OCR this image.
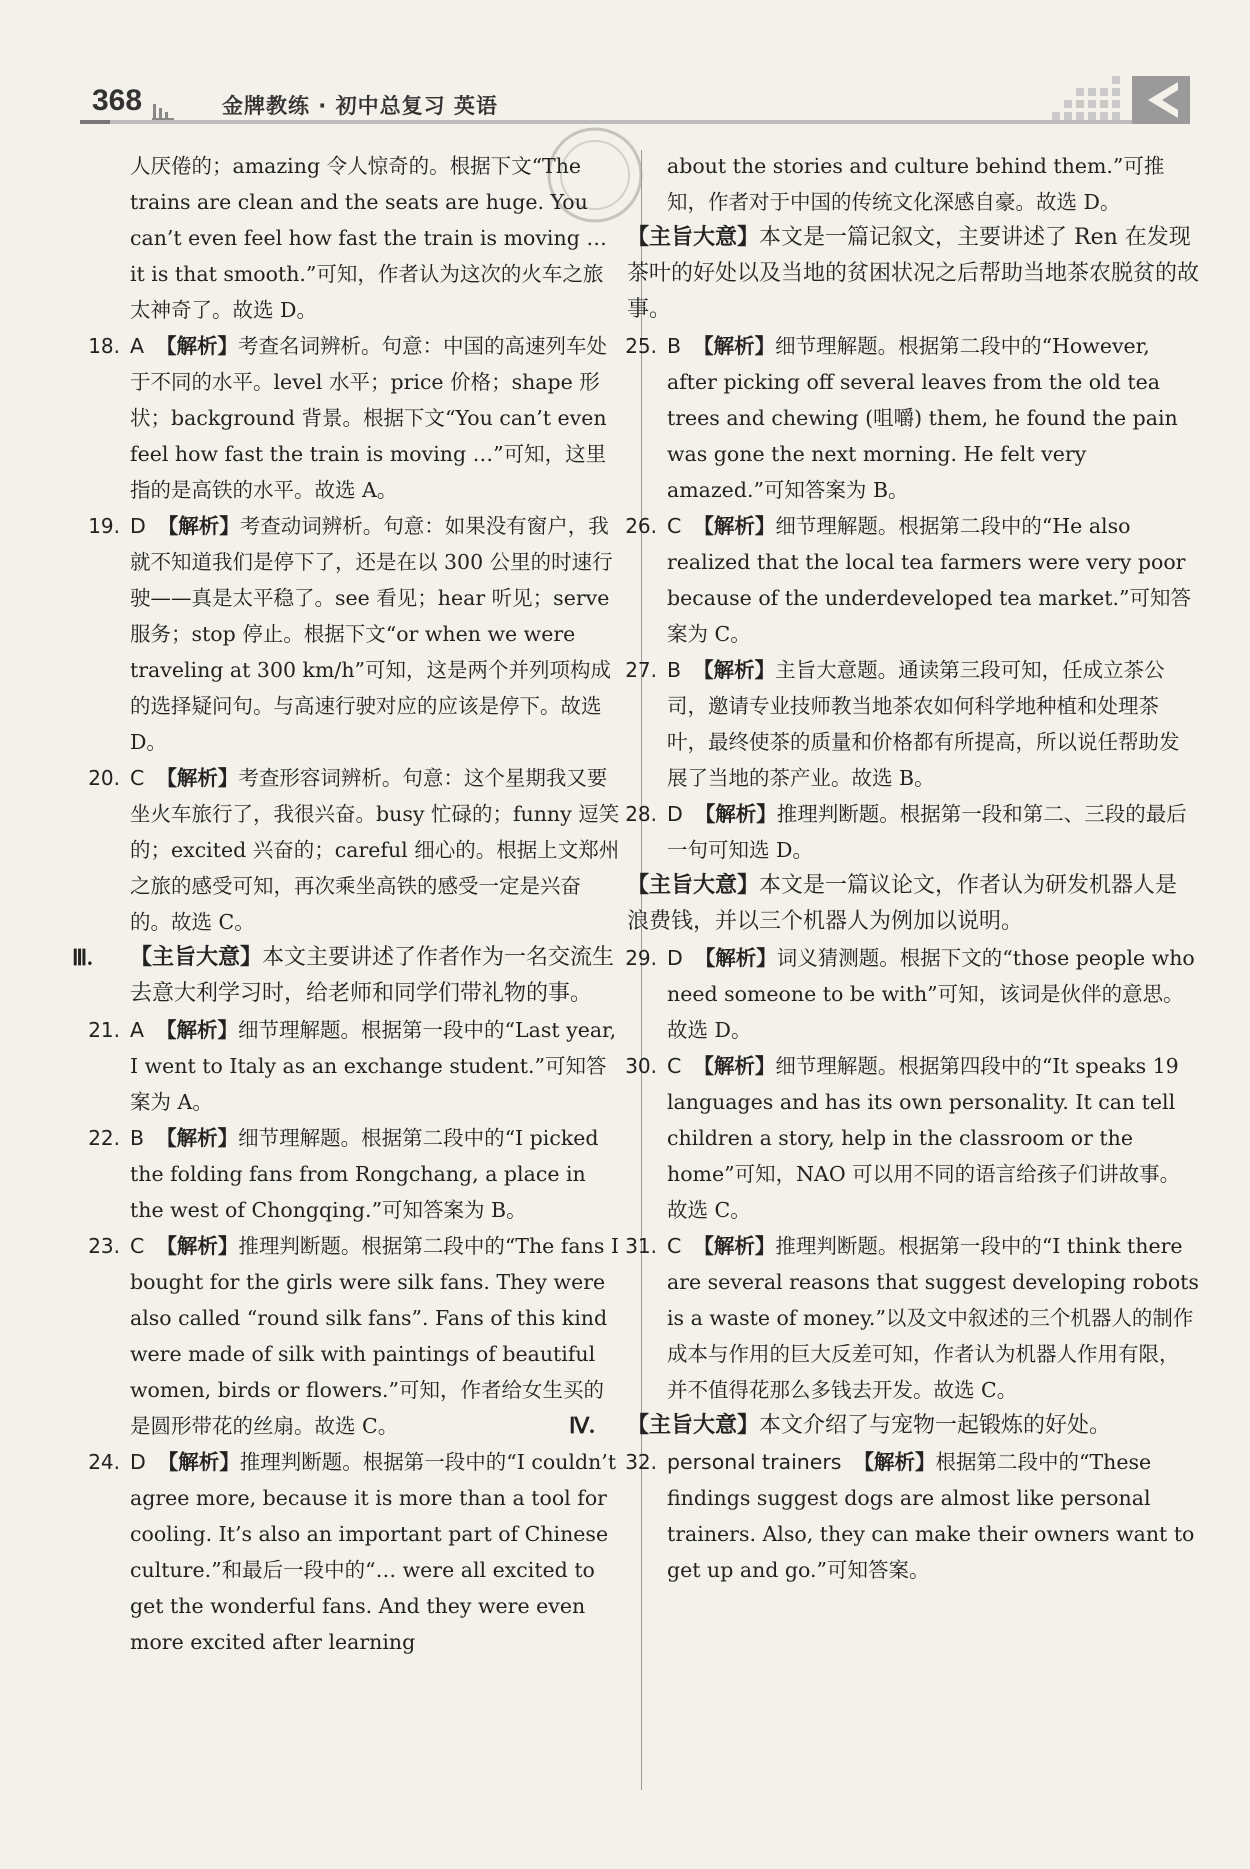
368	金牌教练 · 初中总复习 英语
人厌倦的；amazing 令人惊奇的。根据下文“The trains are clean and the seats are huge. You can’t even feel how fast the train is moving … it is that smooth.”可知，作者认为这次的火车之旅太神奇了。故选 D。
18. A 【解析】考查名词辨析。句意：中国的高速列车处于不同的水平。level 水平；price 价格；shape 形状；background 背景。根据下文“You can’t even feel how fast the train is moving …”可知，这里指的是高铁的水平。故选 A。
19. D 【解析】考查动词辨析。句意：如果没有窗户，我就不知道我们是停下了，还是在以 300 公里的时速行驶——真是太平稳了。see 看见；hear 听见；serve 服务；stop 停止。根据下文“or when we were traveling at 300 km/h”可知，这是两个并列项构成的选择疑问句。与高速行驶对应的应该是停下。故选 D。
20. C 【解析】考查形容词辨析。句意：这个星期我又要坐火车旅行了，我很兴奋。busy 忙碌的；funny 逗笑的；excited 兴奋的；careful 细心的。根据上文郑州之旅的感受可知，再次乘坐高铁的感受一定是兴奋的。故选 C。
Ⅲ. 【主旨大意】本文主要讲述了作者作为一名交流生去意大利学习时，给老师和同学们带礼物的事。
21. A 【解析】细节理解题。根据第一段中的“Last year, I went to Italy as an exchange student.”可知答案为 A。
22. B 【解析】细节理解题。根据第二段中的“I picked the folding fans from Rongchang, a place in the west of Chongqing.”可知答案为 B。
23. C 【解析】推理判断题。根据第二段中的“The fans I bought for the girls were silk fans. They were also called “round silk fans”. Fans of this kind were made of silk with paintings of beautiful women, birds or flowers.”可知，作者给女生买的是圆形带花的丝扇。故选 C。
24. D 【解析】推理判断题。根据第一段中的“I couldn’t agree more, because it is more than a tool for cooling. It’s also an important part of Chinese culture.”和最后一段中的“… were all excited to get the wonderful fans. And they were even more excited after learning
about the stories and culture behind them.”可推知，作者对于中国的传统文化深感自豪。故选 D。
【主旨大意】本文是一篇记叙文，主要讲述了 Ren 在发现茶叶的好处以及当地的贫困状况之后帮助当地茶农脱贫的故事。
25. B 【解析】细节理解题。根据第二段中的“However, after picking off several leaves from the old tea trees and chewing (咀嚼) them, he found the pain was gone the next morning. He felt very amazed.”可知答案为 B。
26. C 【解析】细节理解题。根据第二段中的“He also realized that the local tea farmers were very poor because of the underdeveloped tea market.”可知答案为 C。
27. B 【解析】主旨大意题。通读第三段可知，任成立茶公司，邀请专业技师教当地茶农如何科学地种植和处理茶叶，最终使茶的质量和价格都有所提高，所以说任帮助发展了当地的茶产业。故选 B。
28. D 【解析】推理判断题。根据第一段和第二、三段的最后一句可知选 D。
【主旨大意】本文是一篇议论文，作者认为研发机器人是浪费钱，并以三个机器人为例加以说明。
29. D 【解析】词义猜测题。根据下文的“those people who need someone to be with”可知，该词是伙伴的意思。故选 D。
30. C 【解析】细节理解题。根据第四段中的“It speaks 19 languages and has its own personality. It can tell children a story, help in the classroom or the home”可知，NAO 可以用不同的语言给孩子们讲故事。故选 C。
31. C 【解析】推理判断题。根据第一段中的“I think there are several reasons that suggest developing robots is a waste of money.”以及文中叙述的三个机器人的制作成本与作用的巨大反差可知，作者认为机器人作用有限，并不值得花那么多钱去开发。故选 C。
Ⅳ. 【主旨大意】本文介绍了与宠物一起锻炼的好处。
32. personal trainers 【解析】根据第二段中的“These findings suggest dogs are almost like personal trainers. Also, they can make their owners want to get up and go.”可知答案。
